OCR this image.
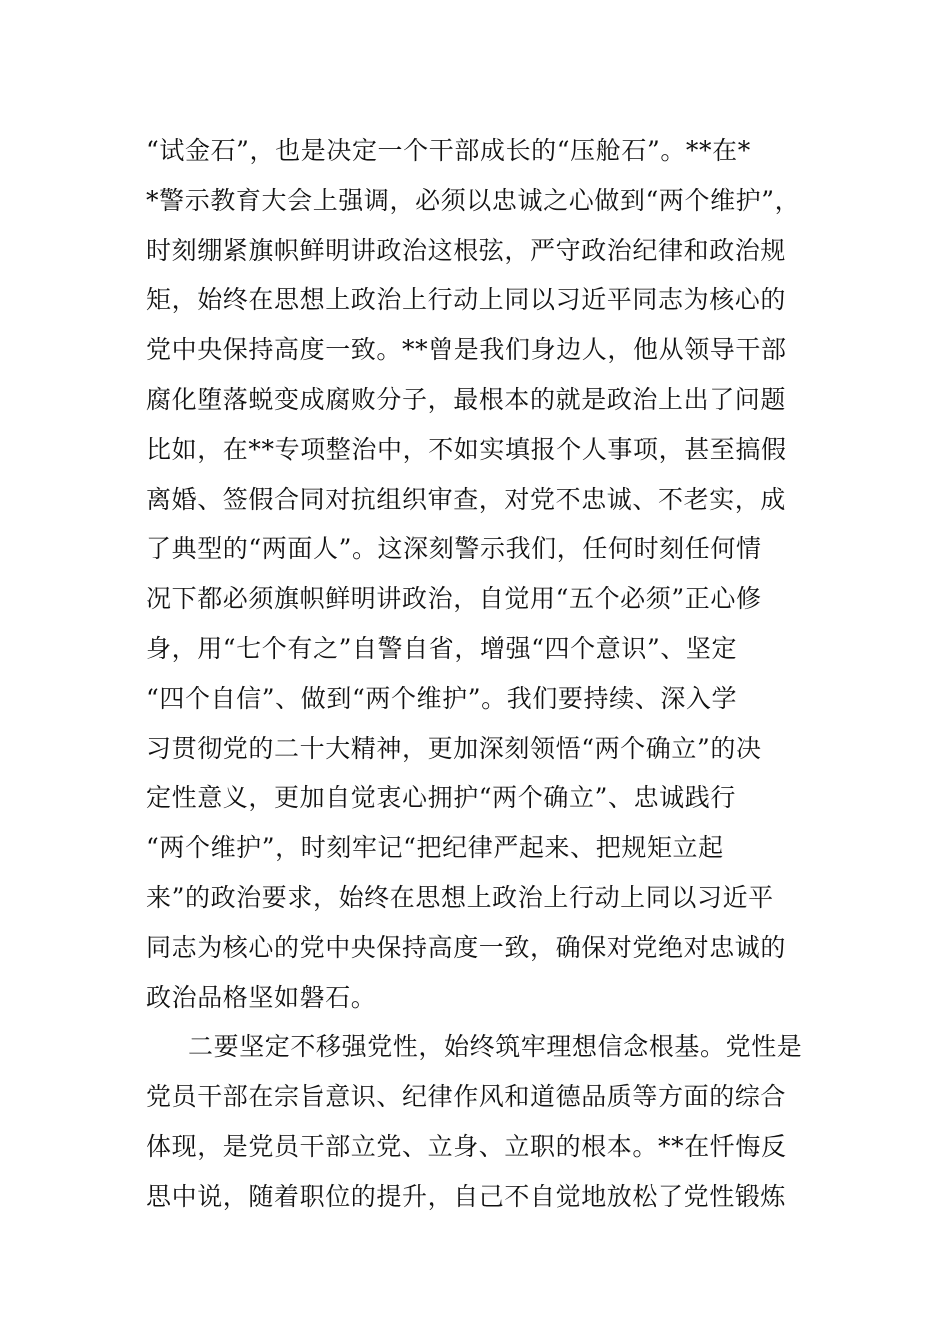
“试金石”，也是决定一个干部成长的“压舱石”。**在*
*警示教育大会上强调，必须以忠诚之心做到“两个维护”，
时刻绷紧旗帜鲜明讲政治这根弦，严守政治纪律和政治规
矩，始终在思想上政治上行动上同以习近平同志为核心的
党中央保持高度一致。**曾是我们身边人，他从领导干部
腐化堕落蜕变成腐败分子，最根本的就是政治上出了问题
比如，在**专项整治中，不如实填报个人事项，甚至搞假
离婚、签假合同对抗组织审查，对党不忠诚、不老实，成
了典型的“两面人”。这深刻警示我们，任何时刻任何情
况下都必须旗帜鲜明讲政治，自觉用“五个必须”正心修
身，用“七个有之”自警自省，增强“四个意识”、坚定
“四个自信”、做到“两个维护”。我们要持续、深入学
习贯彻党的二十大精神，更加深刻领悟“两个确立”的决
定性意义，更加自觉衷心拥护“两个确立”、忠诚践行
“两个维护”，时刻牢记“把纪律严起来、把规矩立起
来”的政治要求，始终在思想上政治上行动上同以习近平
同志为核心的党中央保持高度一致，确保对党绝对忠诚的
政治品格坚如磐石。
二要坚定不移强党性，始终筑牢理想信念根基。党性是
党员干部在宗旨意识、纪律作风和道德品质等方面的综合
体现，是党员干部立党、立身、立职的根本。**在忏悔反
思中说，随着职位的提升，自己不自觉地放松了党性锻炼
